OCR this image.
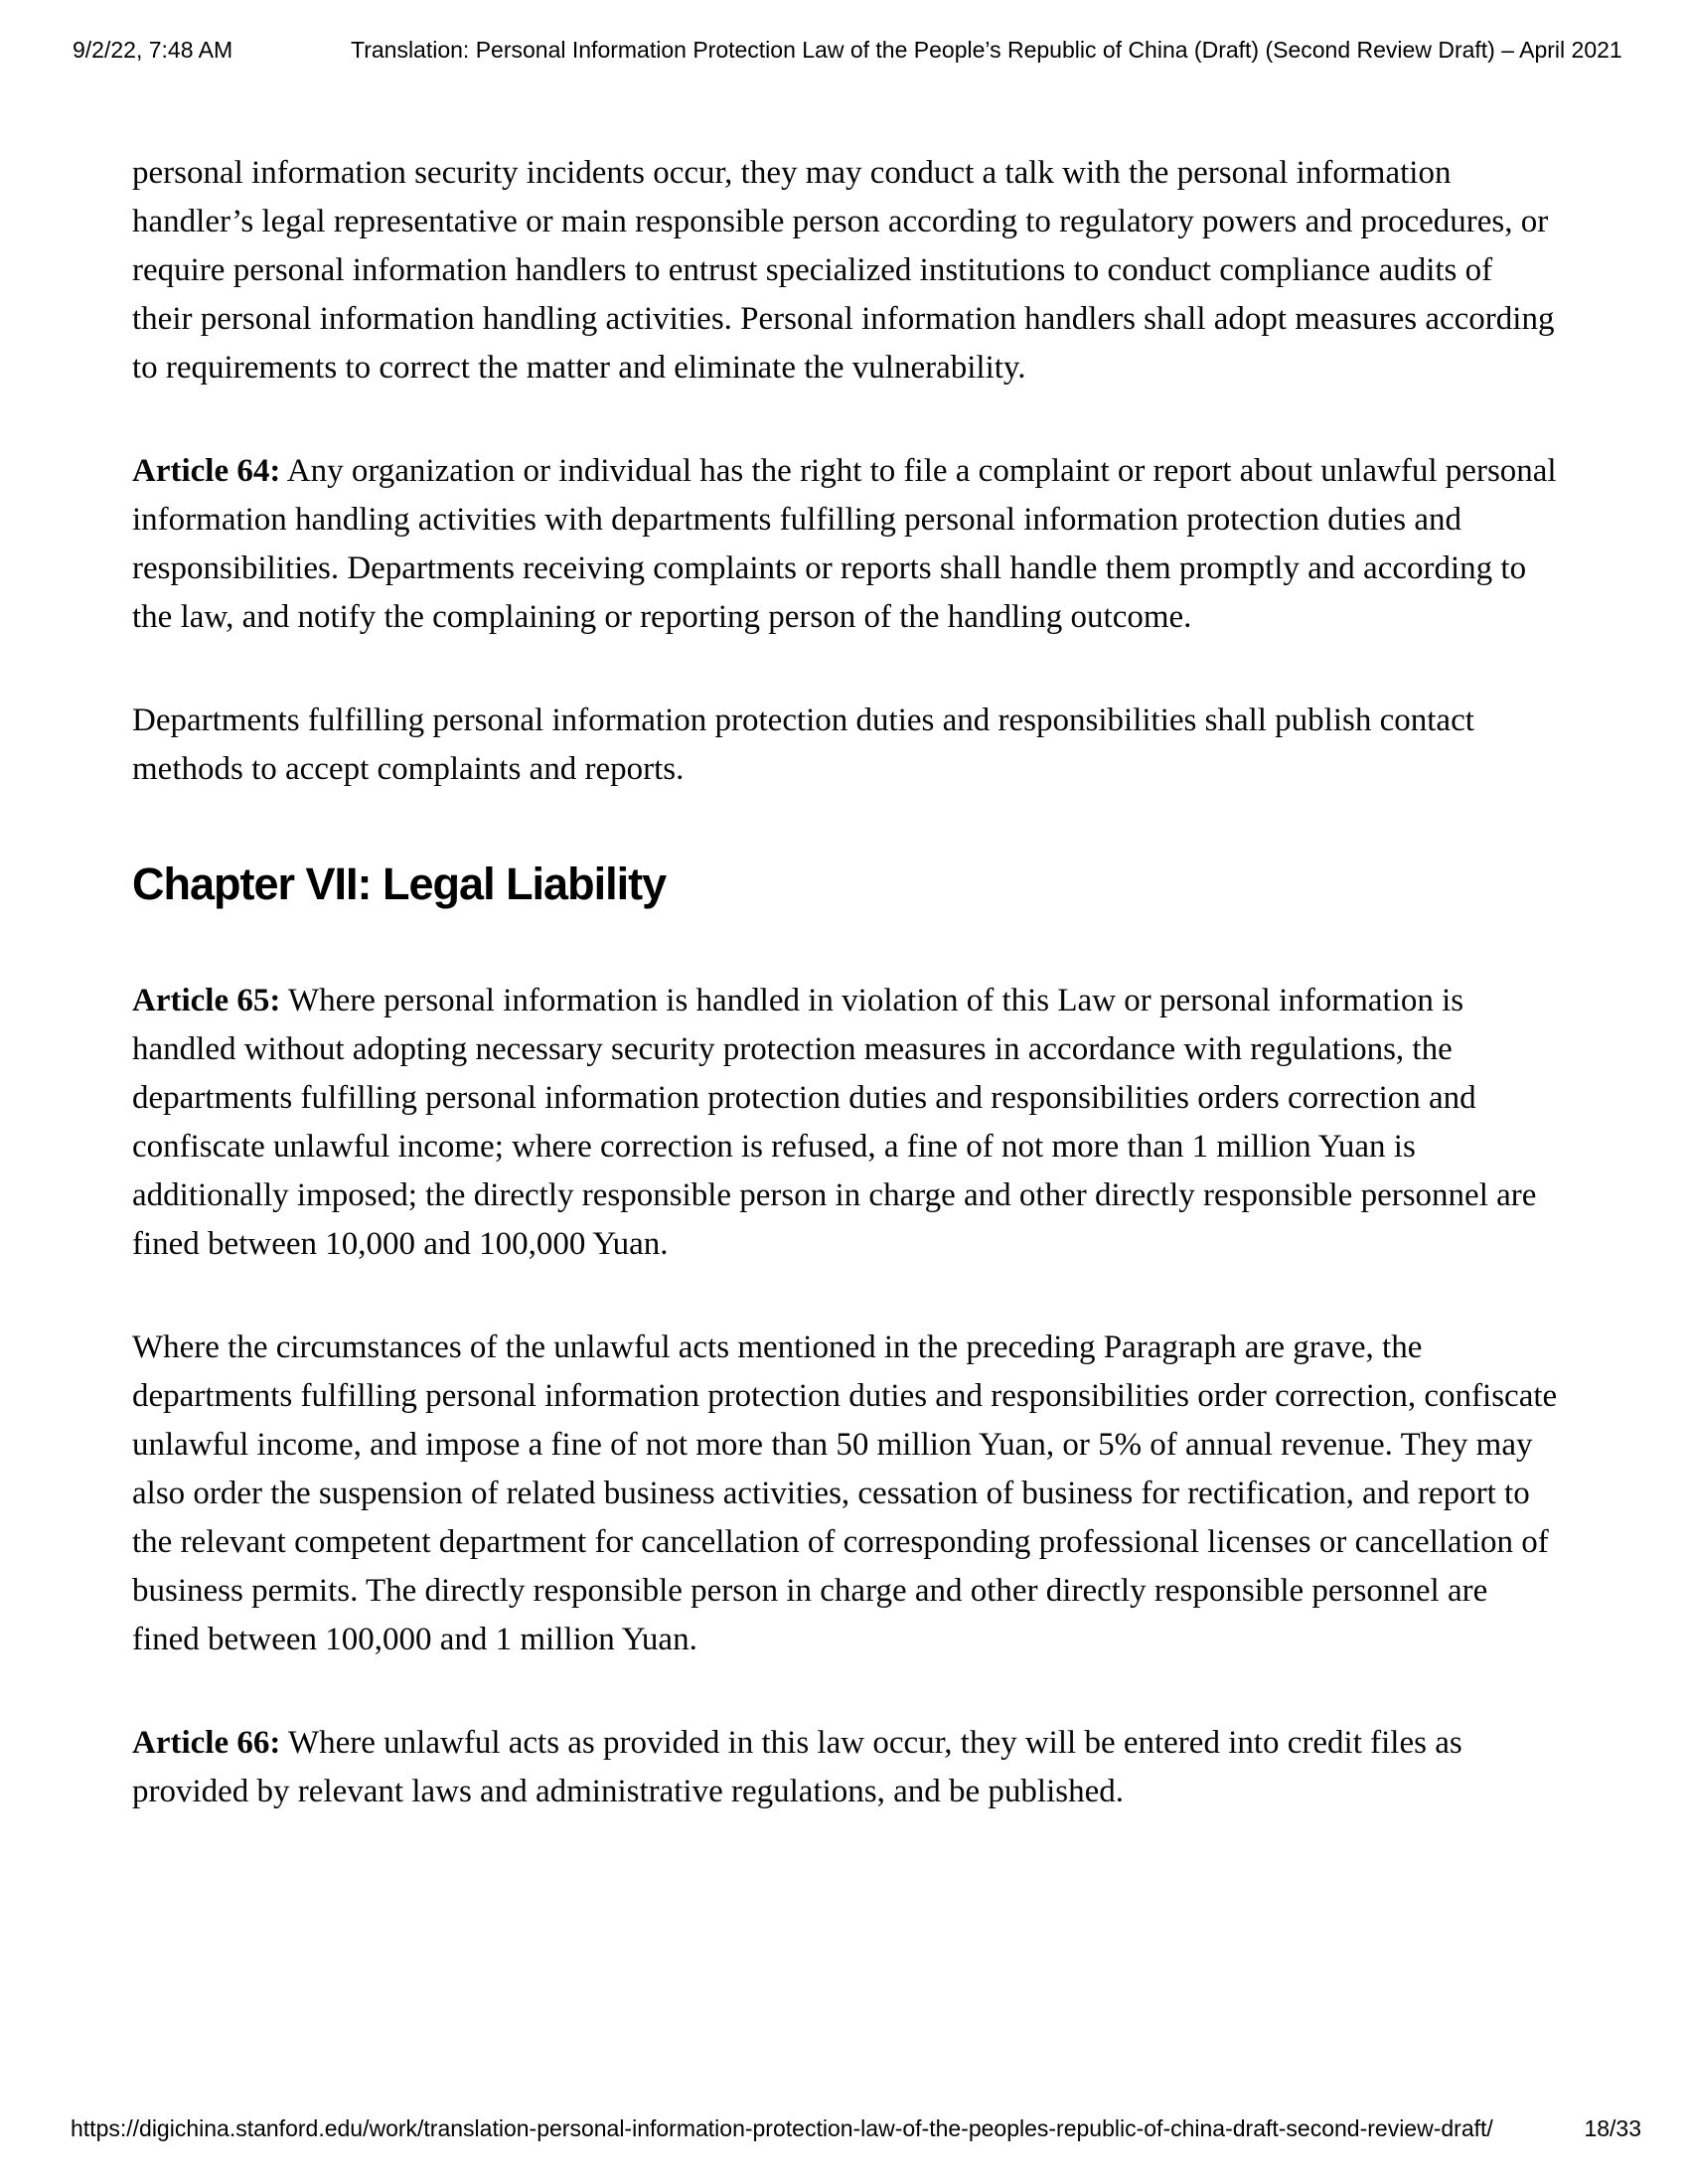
9/2/22, 7:48 AM	Translation: Personal Information Protection Law of the People’s Republic of China (Draft) (Second Review Draft) – April 2021

personal information security incidents occur, they may conduct a talk with the personal information handler’s legal representative or main responsible person according to regulatory powers and procedures, or require personal information handlers to entrust specialized institutions to conduct compliance audits of their personal information handling activities. Personal information handlers shall adopt measures according to requirements to correct the matter and eliminate the vulnerability.

Article 64: Any organization or individual has the right to file a complaint or report about unlawful personal information handling activities with departments fulfilling personal information protection duties and responsibilities. Departments receiving complaints or reports shall handle them promptly and according to the law, and notify the complaining or reporting person of the handling outcome.

Departments fulfilling personal information protection duties and responsibilities shall publish contact methods to accept complaints and reports.

Chapter VII: Legal Liability

Article 65: Where personal information is handled in violation of this Law or personal information is handled without adopting necessary security protection measures in accordance with regulations, the departments fulfilling personal information protection duties and responsibilities orders correction and confiscate unlawful income; where correction is refused, a fine of not more than 1 million Yuan is additionally imposed; the directly responsible person in charge and other directly responsible personnel are fined between 10,000 and 100,000 Yuan.

Where the circumstances of the unlawful acts mentioned in the preceding Paragraph are grave, the departments fulfilling personal information protection duties and responsibilities order correction, confiscate unlawful income, and impose a fine of not more than 50 million Yuan, or 5% of annual revenue. They may also order the suspension of related business activities, cessation of business for rectification, and report to the relevant competent department for cancellation of corresponding professional licenses or cancellation of business permits. The directly responsible person in charge and other directly responsible personnel are fined between 100,000 and 1 million Yuan.

Article 66: Where unlawful acts as provided in this law occur, they will be entered into credit files as provided by relevant laws and administrative regulations, and be published.

https://digichina.stanford.edu/work/translation-personal-information-protection-law-of-the-peoples-republic-of-china-draft-second-review-draft/	18/33
